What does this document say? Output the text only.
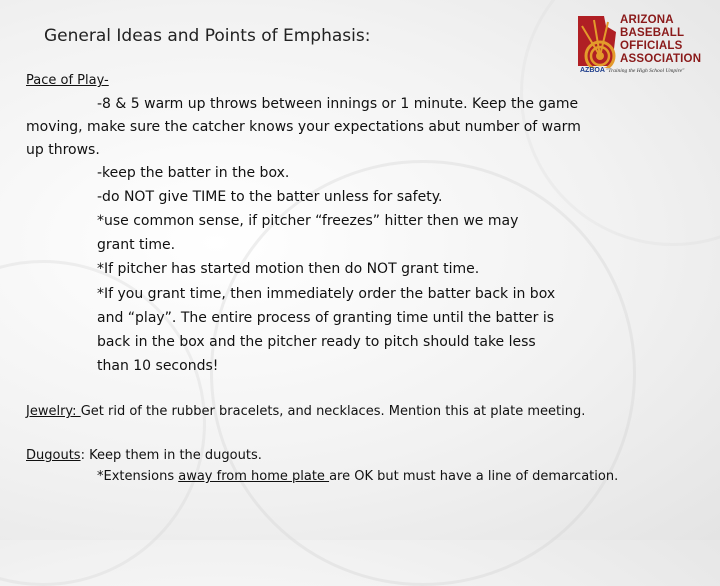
General Ideas and Points of Emphasis:
ARIZONA
BASEBALL
OFFICIALS
ASSOCIATION
AZBOA "Training the High School Umpire"
Pace of Play-
-8 & 5 warm up throws between innings or 1 minute. Keep the game
moving, make sure the catcher knows your expectations abut number of warm
up throws.
-keep the batter in the box.
-do NOT give TIME to the batter unless for safety.
*use common sense, if pitcher “freezes” hitter then we may
grant time.
*If pitcher has started motion then do NOT grant time.
*If you grant time, then immediately order the batter back in box
and “play”. The entire process of granting time until the batter is
back in the box and the pitcher ready to pitch should take less
than 10 seconds!
Jewelry: Get rid of the rubber bracelets, and necklaces. Mention this at plate meeting.
Dugouts: Keep them in the dugouts.
*Extensions away from home plate are OK but must have a line of demarcation.
